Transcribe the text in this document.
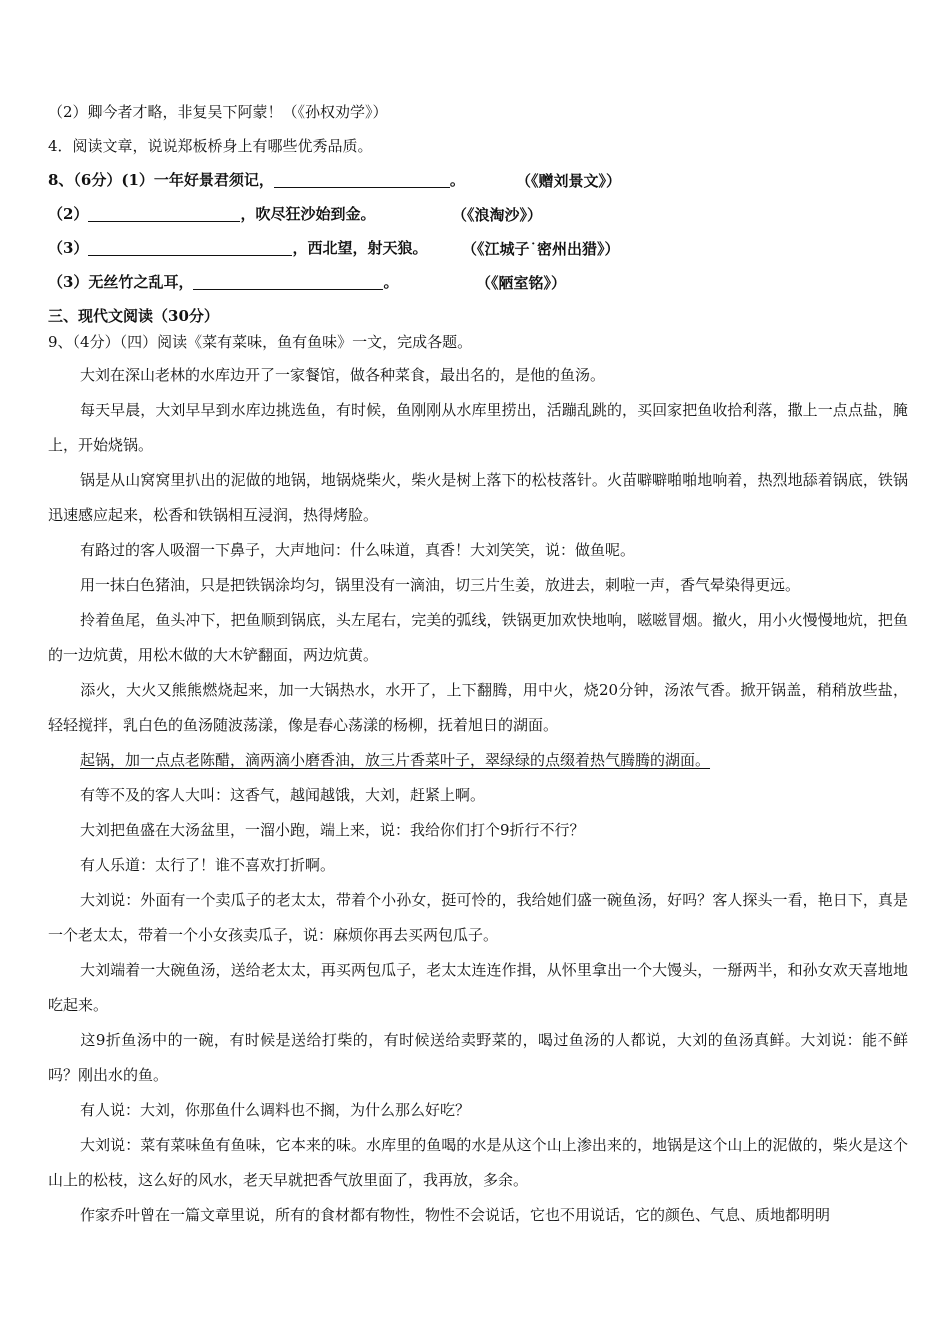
（2）卿今者才略，非复吴下阿蒙！（《孙权劝学》）
4．阅读文章，说说郑板桥身上有哪些优秀品质。
8、（6分）(1）一年好景君须记，	。	（《赠刘景文》）
（2）	，吹尽狂沙始到金。	（《浪淘沙》）
（3）	，西北望，射天狼。 （《江城子˙密州出猎》）
（3）无丝竹之乱耳，	。	（《陋室铭》）
三、现代文阅读（30分）
9、（4分）（四）阅读《菜有菜味，鱼有鱼味》一文，完成各题。
大刘在深山老林的水库边开了一家餐馆，做各种菜食，最出名的，是他的鱼汤。
每天早晨，大刘早早到水库边挑选鱼，有时候，鱼刚刚从水库里捞出，活蹦乱跳的，买回家把鱼收拾利落，撒上一点点盐，腌上，开始烧锅。
锅是从山窝窝里扒出的泥做的地锅，地锅烧柴火，柴火是树上落下的松枝落针。火苗噼噼啪啪地响着，热烈地舔着锅底，铁锅迅速感应起来，松香和铁锅相互浸润，热得烤脸。
有路过的客人吸溜一下鼻子，大声地问：什么味道，真香！大刘笑笑，说：做鱼呢。
用一抹白色猪油，只是把铁锅涂均匀，锅里没有一滴油，切三片生姜，放进去，刺啦一声，香气晕染得更远。
拎着鱼尾，鱼头冲下，把鱼顺到锅底，头左尾右，完美的弧线，铁锅更加欢快地响，嗞嗞冒烟。撤火，用小火慢慢地炕，把鱼的一边炕黄，用松木做的大木铲翻面，两边炕黄。
添火，大火又熊熊燃烧起来，加一大锅热水，水开了，上下翻腾，用中火，烧20分钟，汤浓气香。掀开锅盖，稍稍放些盐，轻轻搅拌，乳白色的鱼汤随波荡漾，像是春心荡漾的杨柳，抚着旭日的湖面。
起锅，加一点点老陈醋，滴两滴小磨香油，放三片香菜叶子，翠绿绿的点缀着热气腾腾的湖面。
有等不及的客人大叫：这香气，越闻越饿，大刘，赶紧上啊。
大刘把鱼盛在大汤盆里，一溜小跑，端上来，说：我给你们打个9折行不行？
有人乐道：太行了！谁不喜欢打折啊。
大刘说：外面有一个卖瓜子的老太太，带着个小孙女，挺可怜的，我给她们盛一碗鱼汤，好吗？客人探头一看，艳日下，真是一个老太太，带着一个小女孩卖瓜子，说：麻烦你再去买两包瓜子。
大刘端着一大碗鱼汤，送给老太太，再买两包瓜子，老太太连连作揖，从怀里拿出一个大馒头，一掰两半，和孙女欢天喜地地吃起来。
这9折鱼汤中的一碗，有时候是送给打柴的，有时候送给卖野菜的，喝过鱼汤的人都说，大刘的鱼汤真鲜。大刘说：能不鲜吗？刚出水的鱼。
有人说：大刘，你那鱼什么调料也不搁，为什么那么好吃？
大刘说：菜有菜味鱼有鱼味，它本来的味。水库里的鱼喝的水是从这个山上渗出来的，地锅是这个山上的泥做的，柴火是这个山上的松枝，这么好的风水，老天早就把香气放里面了，我再放，多余。
作家乔叶曾在一篇文章里说，所有的食材都有物性，物性不会说话，它也不用说话，它的颜色、气息、质地都明明
